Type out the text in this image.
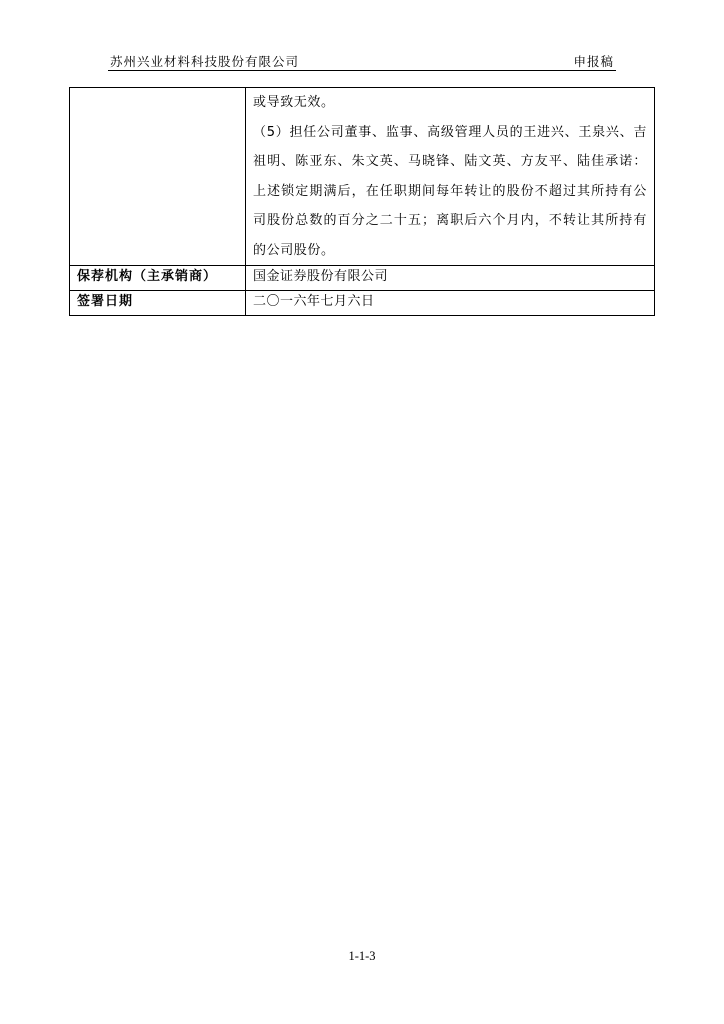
苏州兴业材料科技股份有限公司	申报稿

	或导致无效。

（5）担任公司董事、监事、高级管理人员的王进兴、王泉兴、吉祖明、陈亚东、朱文英、马晓锋、陆文英、方友平、陆佳承诺：上述锁定期满后，在任职期间每年转让的股份不超过其所持有公司股份总数的百分之二十五；离职后六个月内，不转让其所持有的公司股份。

保荐机构（主承销商）	国金证券股份有限公司
签署日期	二〇一六年七月六日
1-1-3
